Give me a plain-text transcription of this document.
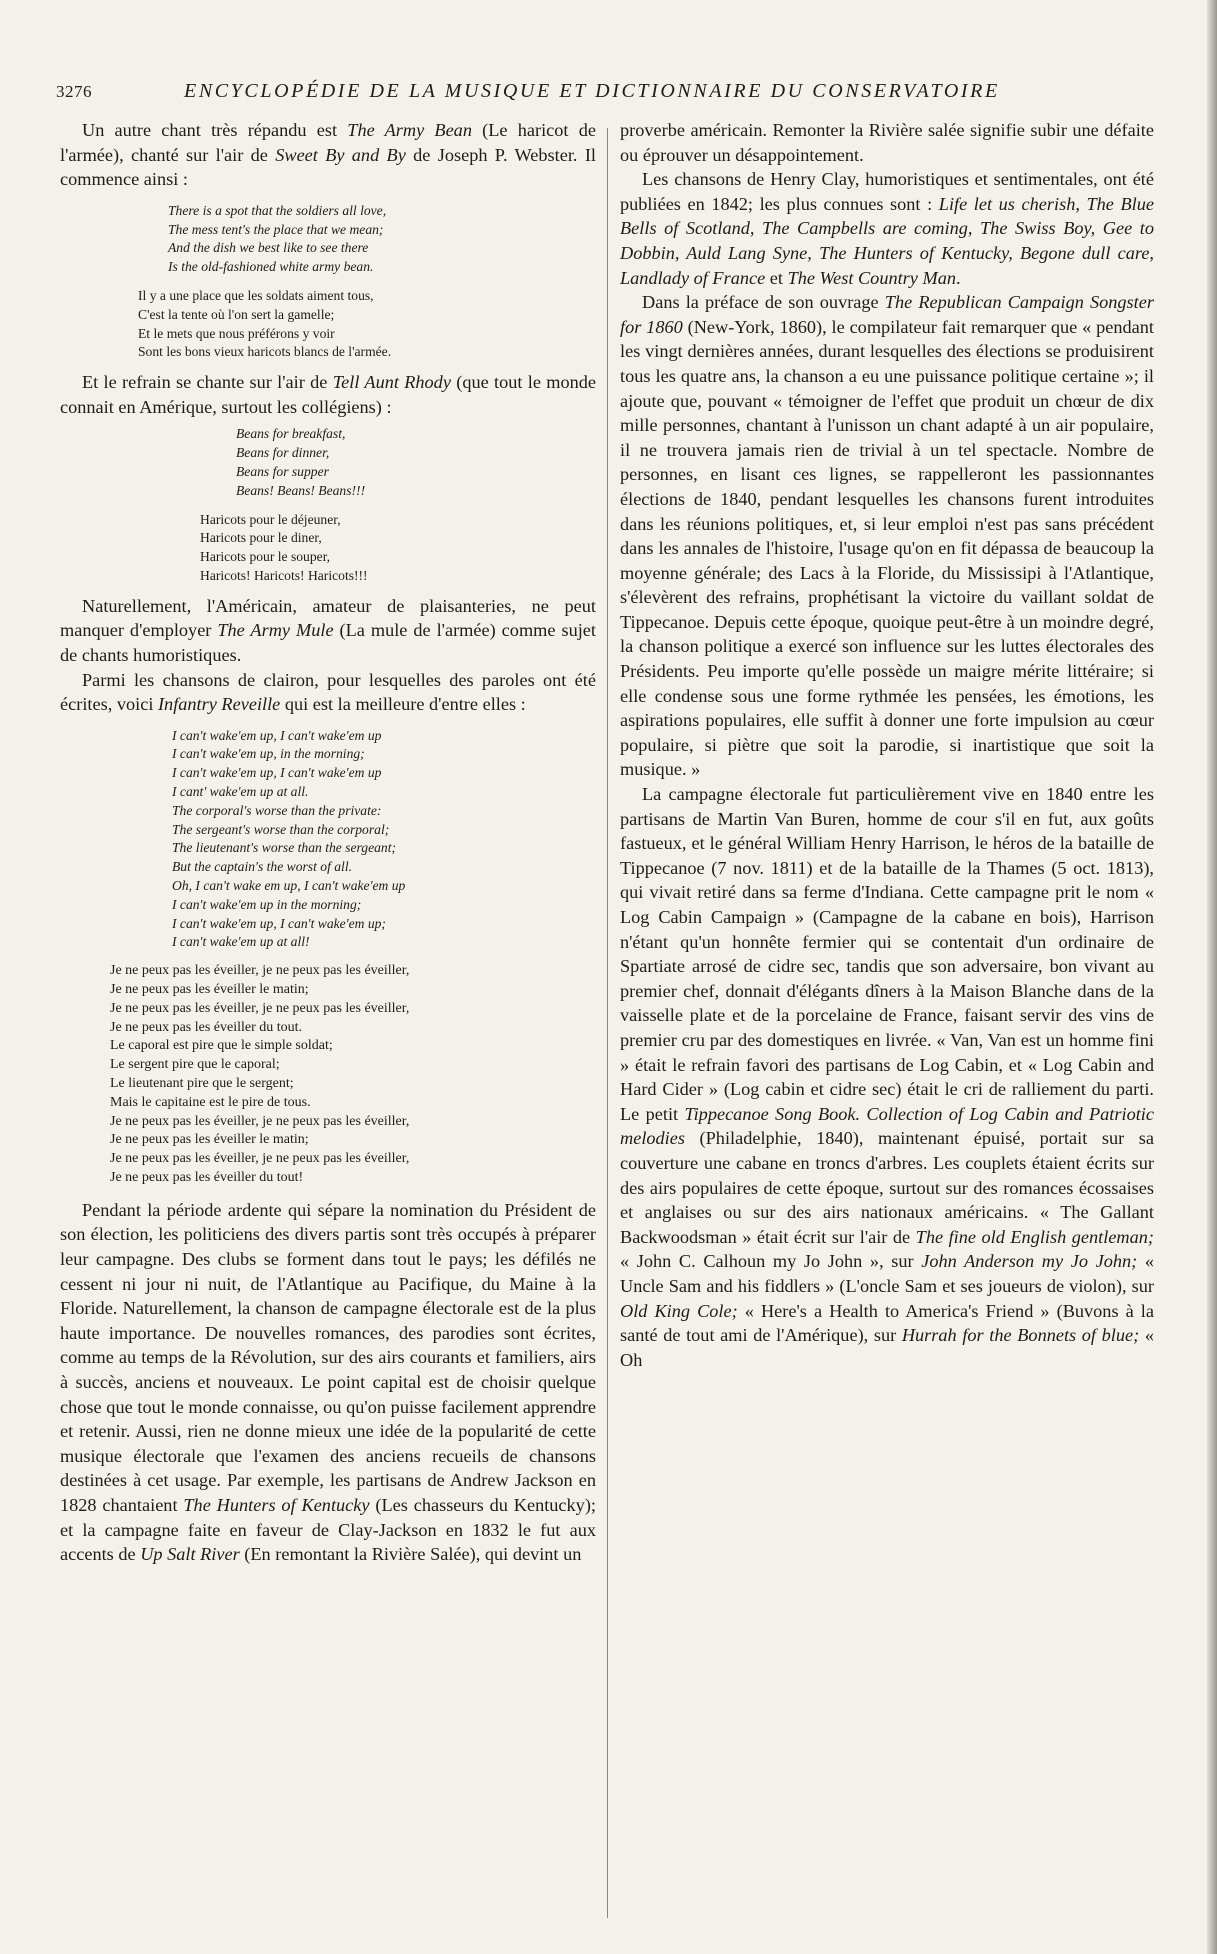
3276	ENCYCLOPÉDIE DE LA MUSIQUE ET DICTIONNAIRE DU CONSERVATOIRE

Un autre chant très répandu est The Army Bean (Le haricot de l'armée), chanté sur l'air de Sweet By and By de Joseph P. Webster. Il commence ainsi :

There is a spot that the soldiers all love,
The mess tent's the place that we mean;
And the dish we best like to see there
Is the old-fashioned white army bean.
Il y a une place que les soldats aiment tous,
C'est la tente où l'on sert la gamelle;
Et le mets que nous préférons y voir
Sont les bons vieux haricots blancs de l'armée.

Et le refrain se chante sur l'air de Tell Aunt Rhody (que tout le monde connait en Amérique, surtout les collégiens) :

Beans for breakfast,
Beans for dinner,
Beans for supper
Beans! Beans! Beans!!!
Haricots pour le déjeuner,
Haricots pour le diner,
Haricots pour le souper,
Haricots! Haricots! Haricots!!!

Naturellement, l'Américain, amateur de plaisanteries, ne peut manquer d'employer The Army Mule (La mule de l'armée) comme sujet de chants humoristiques.

Parmi les chansons de clairon, pour lesquelles des paroles ont été écrites, voici Infantry Reveille qui est la meilleure d'entre elles :

I can't wake'em up, I can't wake'em up
I can't wake'em up, in the morning;
I can't wake'em up, I can't wake'em up
I cant' wake'em up at all.
The corporal's worse than the private:
The sergeant's worse than the corporal;
The lieutenant's worse than the sergeant;
But the captain's the worst of all.
Oh, I can't wake em up, I can't wake'em up
I can't wake'em up in the morning;
I can't wake'em up, I can't wake'em up;
I can't wake'em up at all!
Je ne peux pas les éveiller, je ne peux pas les éveiller,
Je ne peux pas les éveiller le matin;
Je ne peux pas les éveiller, je ne peux pas les éveiller,
Je ne peux pas les éveiller du tout.
Le caporal est pire que le simple soldat;
Le sergent pire que le caporal;
Le lieutenant pire que le sergent;
Mais le capitaine est le pire de tous.
Je ne peux pas les éveiller, je ne peux pas les éveiller,
Je ne peux pas les éveiller le matin;
Je ne peux pas les éveiller, je ne peux pas les éveiller,
Je ne peux pas les éveiller du tout!

Pendant la période ardente qui sépare la nomination du Président de son élection, les politiciens des divers partis sont très occupés à préparer leur campagne. Des clubs se forment dans tout le pays; les défilés ne cessent ni jour ni nuit, de l'Atlantique au Pacifique, du Maine à la Floride. Naturellement, la chanson de campagne électorale est de la plus haute importance. De nouvelles romances, des parodies sont écrites, comme au temps de la Révolution, sur des airs courants et familiers, airs à succès, anciens et nouveaux. Le point capital est de choisir quelque chose que tout le monde connaisse, ou qu'on puisse facilement apprendre et retenir. Aussi, rien ne donne mieux une idée de la popularité de cette musique électorale que l'examen des anciens recueils de chansons destinées à cet usage. Par exemple, les partisans de Andrew Jackson en 1828 chantaient The Hunters of Kentucky (Les chasseurs du Kentucky); et la campagne faite en faveur de Clay-Jackson en 1832 le fut aux accents de Up Salt River (En remontant la Rivière Salée), qui devint un

proverbe américain. Remonter la Rivière salée signifie subir une défaite ou éprouver un désappointement.

Les chansons de Henry Clay, humoristiques et sentimentales, ont été publiées en 1842; les plus connues sont : Life let us cherish, The Blue Bells of Scotland, The Campbells are coming, The Swiss Boy, Gee to Dobbin, Auld Lang Syne, The Hunters of Kentucky, Begone dull care, Landlady of France et The West Country Man.

Dans la préface de son ouvrage The Republican Campaign Songster for 1860 (New-York, 1860), le compilateur fait remarquer que « pendant les vingt dernières années, durant lesquelles des élections se produisirent tous les quatre ans, la chanson a eu une puissance politique certaine »; il ajoute que, pouvant « témoigner de l'effet que produit un chœur de dix mille personnes, chantant à l'unisson un chant adapté à un air populaire, il ne trouvera jamais rien de trivial à un tel spectacle. Nombre de personnes, en lisant ces lignes, se rappelleront les passionnantes élections de 1840, pendant lesquelles les chansons furent introduites dans les réunions politiques, et, si leur emploi n'est pas sans précédent dans les annales de l'histoire, l'usage qu'on en fit dépassa de beaucoup la moyenne générale; des Lacs à la Floride, du Mississipi à l'Atlantique, s'élevèrent des refrains, prophétisant la victoire du vaillant soldat de Tippecanoe. Depuis cette époque, quoique peut-être à un moindre degré, la chanson politique a exercé son influence sur les luttes électorales des Présidents. Peu importe qu'elle possède un maigre mérite littéraire; si elle condense sous une forme rythmée les pensées, les émotions, les aspirations populaires, elle suffit à donner une forte impulsion au cœur populaire, si piètre que soit la parodie, si inartistique que soit la musique. »

La campagne électorale fut particulièrement vive en 1840 entre les partisans de Martin Van Buren, homme de cour s'il en fut, aux goûts fastueux, et le général William Henry Harrison, le héros de la bataille de Tippecanoe (7 nov. 1811) et de la bataille de la Thames (5 oct. 1813), qui vivait retiré dans sa ferme d'Indiana. Cette campagne prit le nom « Log Cabin Campaign » (Campagne de la cabane en bois), Harrison n'étant qu'un honnête fermier qui se contentait d'un ordinaire de Spartiate arrosé de cidre sec, tandis que son adversaire, bon vivant au premier chef, donnait d'élégants dîners à la Maison Blanche dans de la vaisselle plate et de la porcelaine de France, faisant servir des vins de premier cru par des domestiques en livrée. « Van, Van est un homme fini » était le refrain favori des partisans de Log Cabin, et « Log Cabin and Hard Cider » (Log cabin et cidre sec) était le cri de ralliement du parti. Le petit Tippecanoe Song Book. Collection of Log Cabin and Patriotic melodies (Philadelphie, 1840), maintenant épuisé, portait sur sa couverture une cabane en troncs d'arbres. Les couplets étaient écrits sur des airs populaires de cette époque, surtout sur des romances écossaises et anglaises ou sur des airs nationaux américains. « The Gallant Backwoodsman » était écrit sur l'air de The fine old English gentleman; « John C. Calhoun my Jo John », sur John Anderson my Jo John; « Uncle Sam and his fiddlers » (L'oncle Sam et ses joueurs de violon), sur Old King Cole; « Here's a Health to America's Friend » (Buvons à la santé de tout ami de l'Amérique), sur Hurrah for the Bonnets of blue; « Oh
